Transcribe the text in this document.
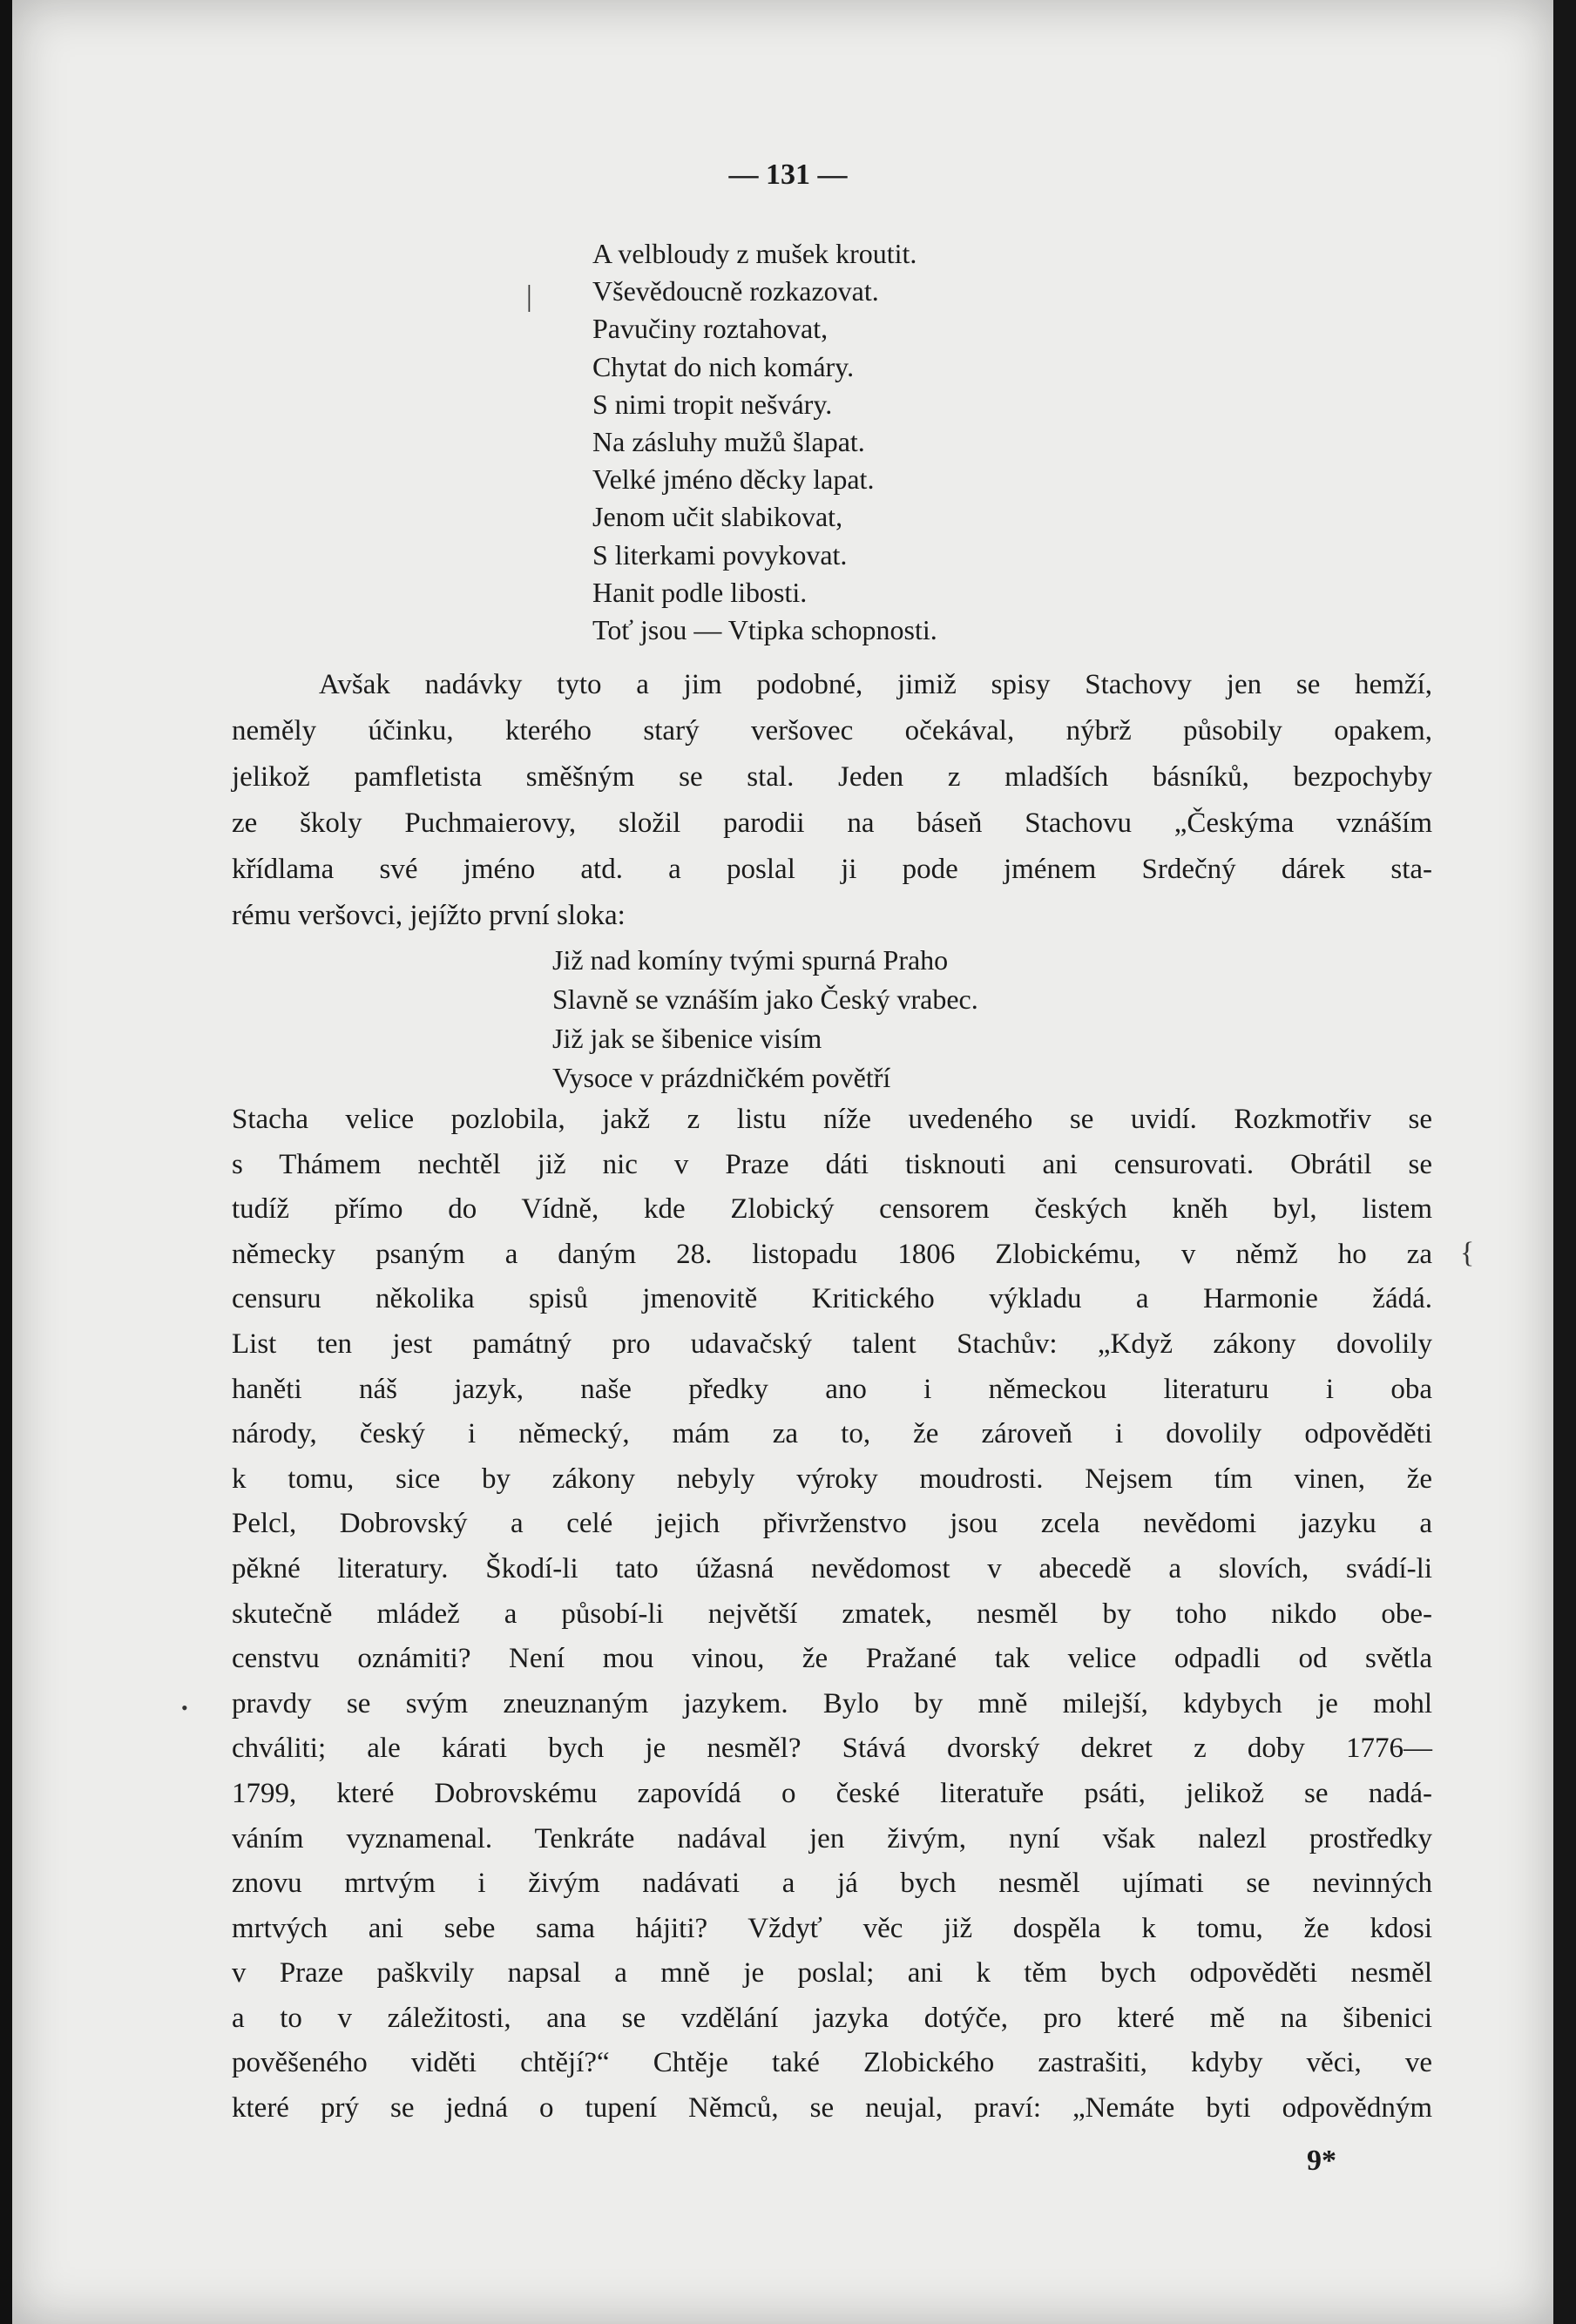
— 131 —
|
{
•
A velbloudy z mušek kroutit.
Vševědoucně rozkazovat.
Pavučiny roztahovat,
Chytat do nich komáry.
S nimi tropit nešváry.
Na zásluhy mužů šlapat.
Velké jméno děcky lapat.
Jenom učit slabikovat,
S literkami povykovat.
Hanit podle libosti.
Toť jsou — Vtipka schopnosti.
Avšak nadávky tyto a jim podobné, jimiž spisy Stachovy jen se hemží,
neměly účinku, kterého starý veršovec očekával, nýbrž působily opakem,
jelikož pamfletista směšným se stal. Jeden z mladších básníků, bezpochyby
ze školy Puchmaierovy, složil parodii na báseň Stachovu „Českýma vznáším
křídlama své jméno atd. a poslal ji pode jménem Srdečný dárek sta-
rému veršovci, jejížto první sloka:
Již nad komíny tvými spurná Praho
Slavně se vznáším jako Český vrabec.
Již jak se šibenice visím
Vysoce v prázdničkém povětří
Stacha velice pozlobila, jakž z listu níže uvedeného se uvidí. Rozkmotřiv se
s Thámem nechtěl již nic v Praze dáti tisknouti ani censurovati. Obrátil se
tudíž přímo do Vídně, kde Zlobický censorem českých kněh byl, listem
německy psaným a daným 28. listopadu 1806 Zlobickému, v němž ho za
censuru několika spisů jmenovitě Kritického výkladu a Harmonie žádá.
List ten jest památný pro udavačský talent Stachův: „Když zákony dovolily
haněti náš jazyk, naše předky ano i německou literaturu i oba
národy, český i německý, mám za to, že zároveň i dovolily odpověděti
k tomu, sice by zákony nebyly výroky moudrosti. Nejsem tím vinen, že
Pelcl, Dobrovský a celé jejich přivrženstvo jsou zcela nevědomi jazyku a
pěkné literatury. Škodí-li tato úžasná nevědomost v abecedě a slovích, svádí-li
skutečně mládež a působí-li největší zmatek, nesměl by toho nikdo obe-
censtvu oznámiti? Není mou vinou, že Pražané tak velice odpadli od světla
pravdy se svým zneuznaným jazykem. Bylo by mně milejší, kdybych je mohl
chváliti; ale kárati bych je nesměl? Stává dvorský dekret z doby 1776—
1799, které Dobrovskému zapovídá o české literatuře psáti, jelikož se nadá-
váním vyznamenal. Tenkráte nadával jen živým, nyní však nalezl prostředky
znovu mrtvým i živým nadávati a já bych nesměl ujímati se nevinných
mrtvých ani sebe sama hájiti? Vždyť věc již dospěla k tomu, že kdosi
v Praze paškvily napsal a mně je poslal; ani k těm bych odpověděti nesměl
a to v záležitosti, ana se vzdělání jazyka dotýče, pro které mě na šibenici
pověšeného viděti chtějí?“ Chtěje také Zlobického zastrašiti, kdyby věci, ve
které prý se jedná o tupení Němců, se neujal, praví: „Nemáte byti odpovědným
9*
